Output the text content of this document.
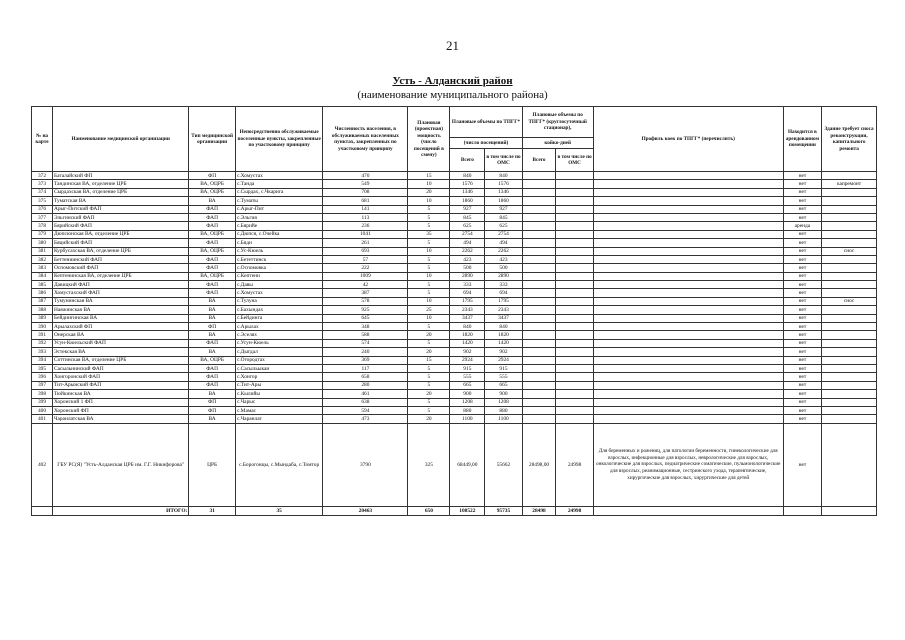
21
Усть - Алданский район
(наименование муниципального района)
№ на карте	Наименование медицинской организации	Тип медицинской организации	Непосредственно обслуживаемые поселенные пункты, закрепленные по участковому принципу	Численность населения, в обслуживаемых населенных пунктах, закрепленных по участковому принципу	Плановая (проектная) мощность (число посещений в смену)	Плановые объемы по ТПГГ*		Плановые объемы по ТПГГ* (круглосуточный стационар),		Профиль коек по ТПГГ* (перечислить)	Находится в арендованном помещении	Здание требует сноса реконструкции, капитального ремонта
						(число посещений)		койко-дней				
						Всего	в том числе по ОМС	Всего	в том числе по ОМС			
372	Баталайский ФП	ФП	с.Хомустах	470	15	840	840				нет	
373	Тандинская ВА, отделение ЦРБ	ВА, ОЦРБ	с.Танда	549	10	1576	1576				нет	капремонт
374	Сырдахская ВА, отделение ЦРБ	ВА, ОЦРБ	с.Сырдах, с.Чкарига	708	20	1346	1346				нет	
375	Туматская ВА	ВА	с.Туматы	681	10	1860	1860				нет	
376	Арыг-Питский ФАП	ФАП	с.Арыг-Пит	141	5	927	927				нет	
377	Эльгинский ФАП	ФАП	с.Эльгия	113	5	845	845				нет	
378	Бярийский ФАП	ФАП	с.Бярийе	236	5	625	625				аренда	
379	Дюпсюнская ВА, отделение ЦРБ	ВА, ОЦРБ	с.Дюпся, с.Очейка	1041	35	2754	2754				нет	
380	Бяцийский ФАП	ФАП	с.Бяди	261	5	494	494				нет	
381	Курбусахская ВА, отделение ЦРБ	ВА, ОЦРБ	с.Ус-Кюель	693	10	2262	2262				нет	снос
382	Беттениинский ФАП	ФАП	с.Бететтинск	57	5	423	423				нет	
383	Оспомовский ФАП	ФАП	с.Оспомовка	222	5	500	500				нет	
384	Кептенинская ВА, отделение ЦРБ	ВА, ОЦРБ	с.Кептени	1009	10	2890	2890				нет	
385	Давицкий ФАП	ФАП	с.Давы	42	5	333	333				нет	
386	Хомустахский ФАП	ФАП	с.Хомустах	387	5	694	694				нет	
387	Тумунинская ВА	ВА	с.Тулуна	578	10	1795	1795				нет	снос
388	Наяжинская ВА	ВА	с.Бахындах	925	25	2343	2343				нет	
389	Бейдингинская ВА	ВА	с.Бейдинга	645	10	3437	3437				нет	
390	Арылахский ФП	ФП	с.Арылах	348	5	840	840				нет	
391	Онерская ВА	ВА	с.Эселях	588	20	1820	1820				нет	
392	Усун-Кюельский ФАП	ФАП	с.Усун-Кюель	574	5	1420	1420				нет	
393	Эстекская ВА	ВА	с.Дыгдал	240	20	902	902				нет	
394	Соттинская ВА, отделение ЦРБ	ВА, ОЦРБ	с.Огородтах	369	15	2924	2924				нет	
395	Сасыльнинский ФАП	ФАП	с.Сасыльыкан	117	5	915	915				нет	
396	Хонгоронский ФАП	ФАП	с.Хонгор	658	5	555	555				нет	
397	Тит-Арынский ФАП	ФАП	с.Тит-Ары	280	5	665	665				нет	
398	Тюйкинская ВА	ВА	с.Кылийы	461	20	900	900				нет	
399	Хоронский 1 ФП	ФП	с.Чарыс	638	5	1208	1208				нет	
400	Хоронский ФП	ФП	с.Мамас	594	5	880	880				нет	
401	Чаранлатская ВА	ВА	с.Чаранлат	473	20	1100	1100				нет	
402	ГБУ РС(Я) "Усть-Алданская ЦРБ им. Г.Г. Никифорова"	ЦРБ	с.Борогонцы, с.Мындаба, с.Томтор	3790	325	68449,00	55662	28498,00	24998	Для беременных и рожениц, для патологии беременности, гинекологические для взрослых, инфекционные для взрослых, неврологические для взрослых, онкологические для взрослых, педиатрические соматические, пульмонологические для взрослых, реанимационные, сестринского ухода, терапевтические, хирургические для взрослых, хирургические для детей	нет	
	ИТОГО:	31	35	20463	650	108522	95735	28498	24998			
